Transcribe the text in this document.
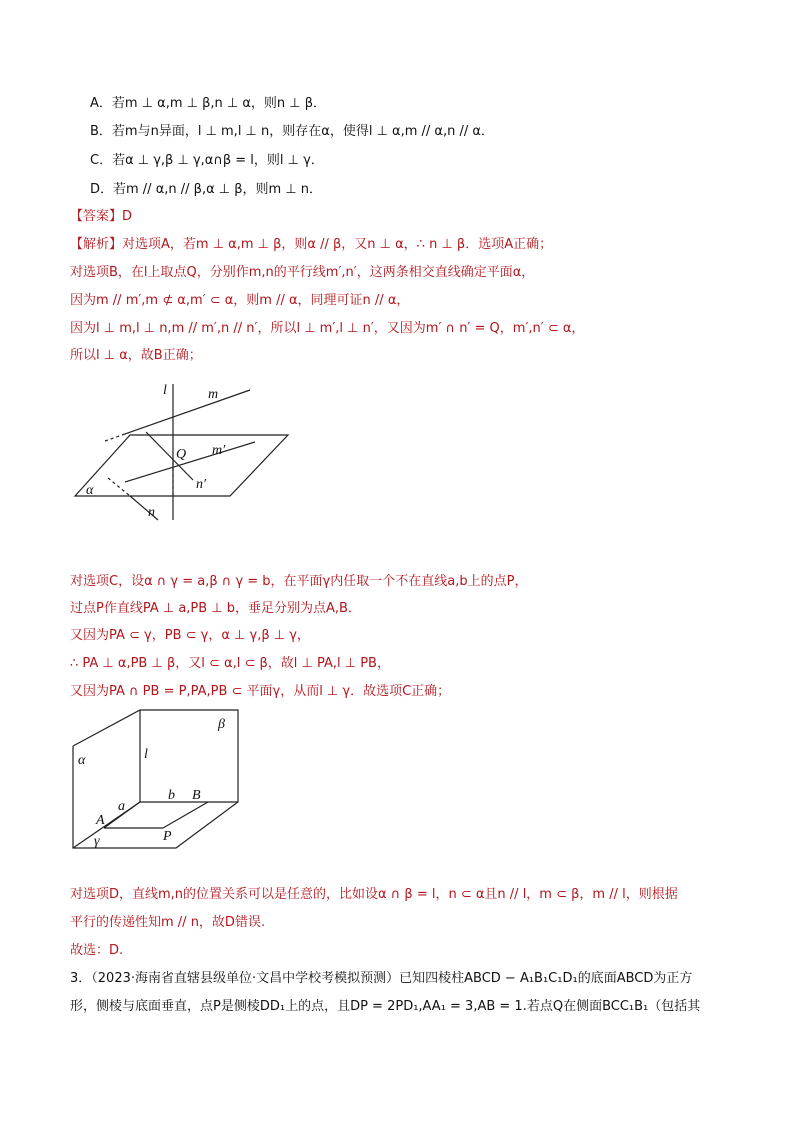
A．若m ⊥ α,m ⊥ β,n ⊥ α，则n ⊥ β．
B．若m与n异面，l ⊥ m,l ⊥ n，则存在α，使得l ⊥ α,m // α,n // α．
C．若α ⊥ γ,β ⊥ γ,α∩β = l，则l ⊥ γ．
D．若m // α,n // β,α ⊥ β，则m ⊥ n．
【答案】D
【解析】对选项A，若m ⊥ α,m ⊥ β，则α // β，又n ⊥ α，∴ n ⊥ β．选项A正确；
对选项B，在l上取点Q，分别作m,n的平行线m′,n′，这两条相交直线确定平面α，
因为m // m′,m ⊄ α,m′ ⊂ α，则m // α，同理可证n // α，
因为l ⊥ m,l ⊥ n,m // m′,n // n′，所以l ⊥ m′,l ⊥ n′，又因为m′ ∩ n′ = Q，m′,n′ ⊂ α，
所以l ⊥ α，故B正确；
l	m
m′
Q
n′
α
n
对选项C，设α ∩ γ = a,β ∩ γ = b，在平面γ内任取一个不在直线a,b上的点P，
过点P作直线PA ⊥ a,PB ⊥ b，垂足分别为点A,B．
又因为PA ⊂ γ，PB ⊂ γ，α ⊥ γ,β ⊥ γ，
∴ PA ⊥ α,PB ⊥ β，又l ⊂ α,l ⊂ β，故l ⊥ PA,l ⊥ PB，
又因为PA ∩ PB = P,PA,PB ⊂ 平面γ，从而l ⊥ γ．故选项C正确；
β
α	l
b B
a
A
P
γ
对选项D，直线m,n的位置关系可以是任意的，比如设α ∩ β = l，n ⊂ α且n // l，m ⊂ β，m // l，则根据
平行的传递性知m // n，故D错误.
故选：D.
3．（2023·海南省直辖县级单位·文昌中学校考模拟预测）已知四棱柱ABCD − A₁B₁C₁D₁的底面ABCD为正方
形，侧棱与底面垂直，点P是侧棱DD₁上的点，且DP = 2PD₁,AA₁ = 3,AB = 1.若点Q在侧面BCC₁B₁（包括其
